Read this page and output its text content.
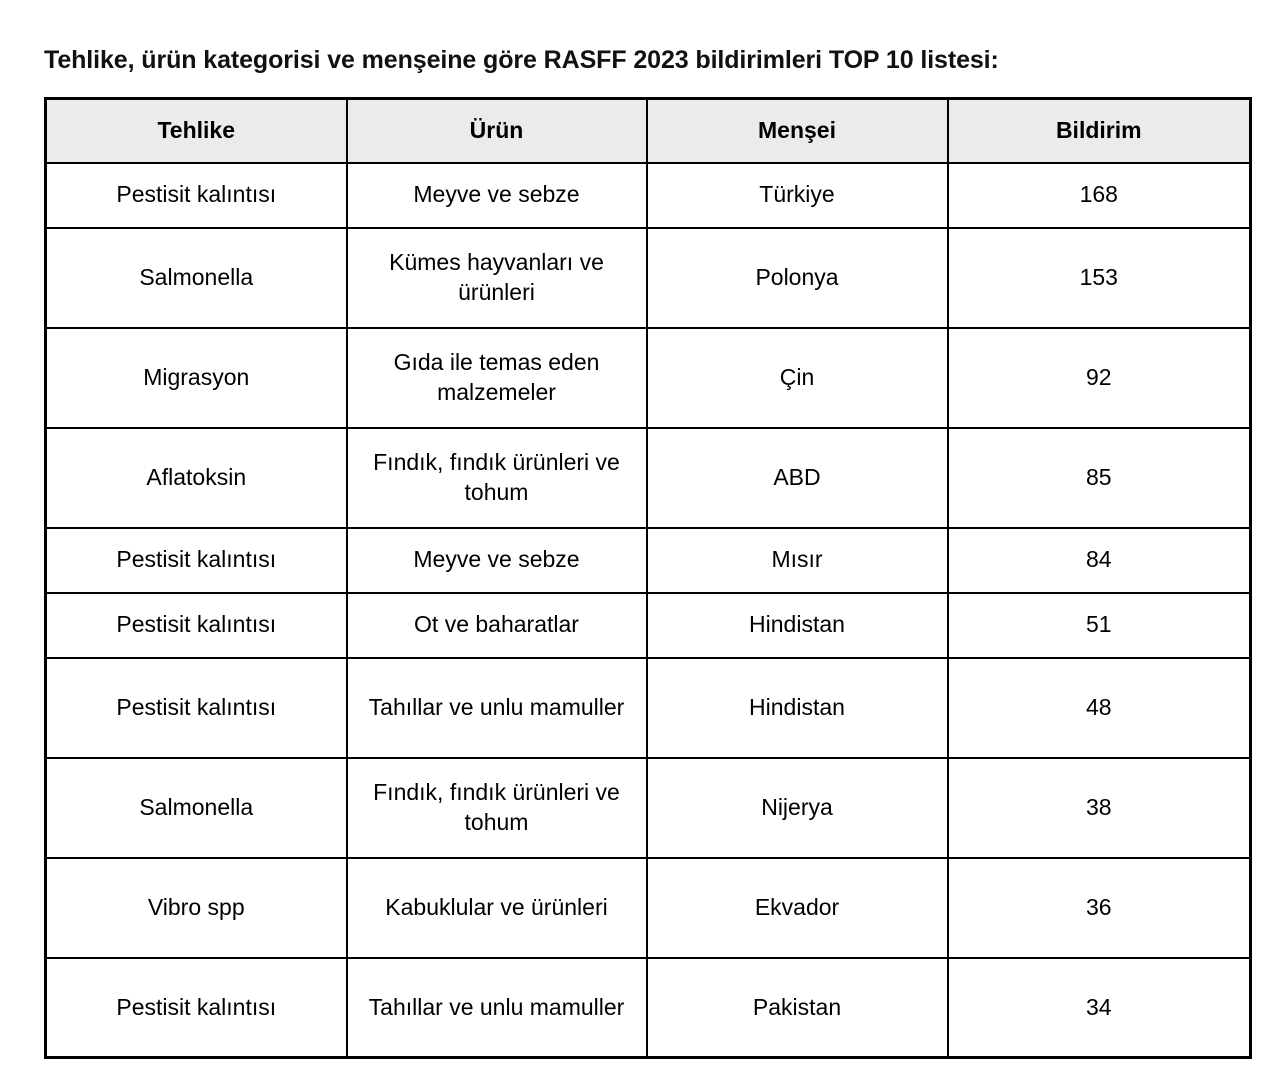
Tehlike, ürün kategorisi ve menşeine göre RASFF 2023 bildirimleri TOP 10 listesi:
Tehlike	Ürün	Menşei	Bildirim

Pestisit kalıntısı	Meyve ve sebze	Türkiye	168

Salmonella	Kümes hayvanları ve ürünleri	Polonya	153

Migrasyon	Gıda ile temas eden malzemeler	Çin	92

Aflatoksin	Fındık, fındık ürünleri ve tohum	ABD	85

Pestisit kalıntısı	Meyve ve sebze	Mısır	84

Pestisit kalıntısı	Ot ve baharatlar	Hindistan	51

Pestisit kalıntısı	Tahıllar ve unlu mamuller	Hindistan	48

Salmonella	Fındık, fındık ürünleri ve tohum	Nijerya	38

Vibro spp	Kabuklular ve ürünleri	Ekvador	36

Pestisit kalıntısı	Tahıllar ve unlu mamuller	Pakistan	34
